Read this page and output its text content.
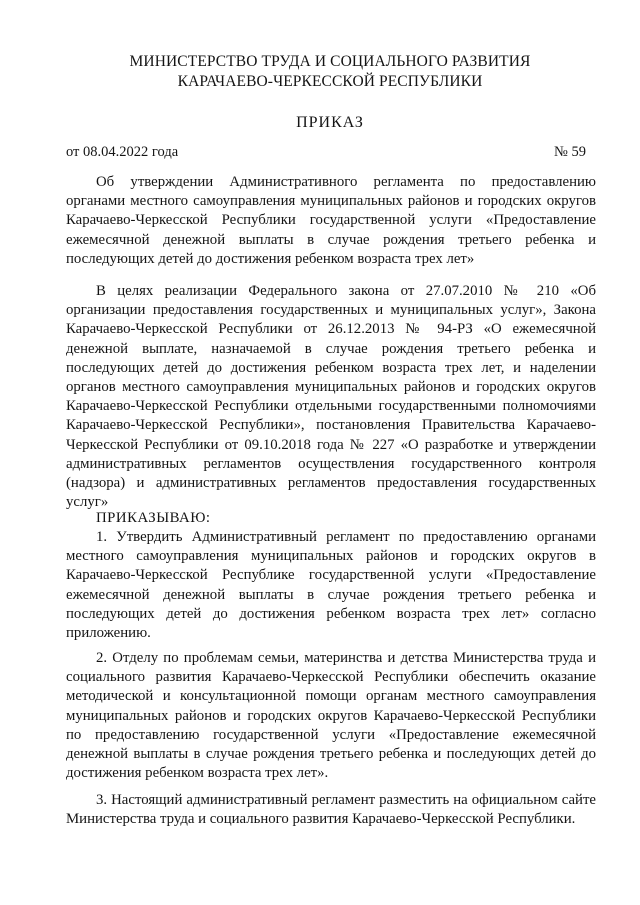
МИНИСТЕРСТВО ТРУДА И СОЦИАЛЬНОГО РАЗВИТИЯ
КАРАЧАЕВО-ЧЕРКЕССКОЙ РЕСПУБЛИКИ
ПРИКАЗ
от 08.04.2022 года	№ 59

Об утверждении Административного регламента по предоставлению органами местного самоуправления муниципальных районов и городских округов Карачаево-Черкесской Республики государственной услуги «Предоставление ежемесячной денежной выплаты в случае рождения третьего ребенка и последующих детей до достижения ребенком возраста трех лет»

В целях реализации Федерального закона от 27.07.2010 № 210 «Об организации предоставления государственных и муниципальных услуг», Закона Карачаево-Черкесской Республики от 26.12.2013 № 94-РЗ «О ежемесячной денежной выплате, назначаемой в случае рождения третьего ребенка и последующих детей до достижения ребенком возраста трех лет, и наделении органов местного самоуправления муниципальных районов и городских округов Карачаево-Черкесской Республики отдельными государственными полномочиями Карачаево-Черкесской Республики», постановления Правительства Карачаево-Черкесской Республики от 09.10.2018 года № 227 «О разработке и утверждении административных регламентов осуществления государственного контроля (надзора) и административных регламентов предоставления государственных услуг»

ПРИКАЗЫВАЮ:

1. Утвердить Административный регламент по предоставлению органами местного самоуправления муниципальных районов и городских округов в Карачаево-Черкесской Республике государственной услуги «Предоставление ежемесячной денежной выплаты в случае рождения третьего ребенка и последующих детей до достижения ребенком возраста трех лет» согласно приложению.

2. Отделу по проблемам семьи, материнства и детства Министерства труда и социального развития Карачаево-Черкесской Республики обеспечить оказание методической и консультационной помощи органам местного самоуправления муниципальных районов и городских округов Карачаево-Черкесской Республики по предоставлению государственной услуги «Предоставление ежемесячной денежной выплаты в случае рождения третьего ребенка и последующих детей до достижения ребенком возраста трех лет».

3. Настоящий административный регламент разместить на официальном сайте Министерства труда и социального развития Карачаево-Черкесской Республики.
